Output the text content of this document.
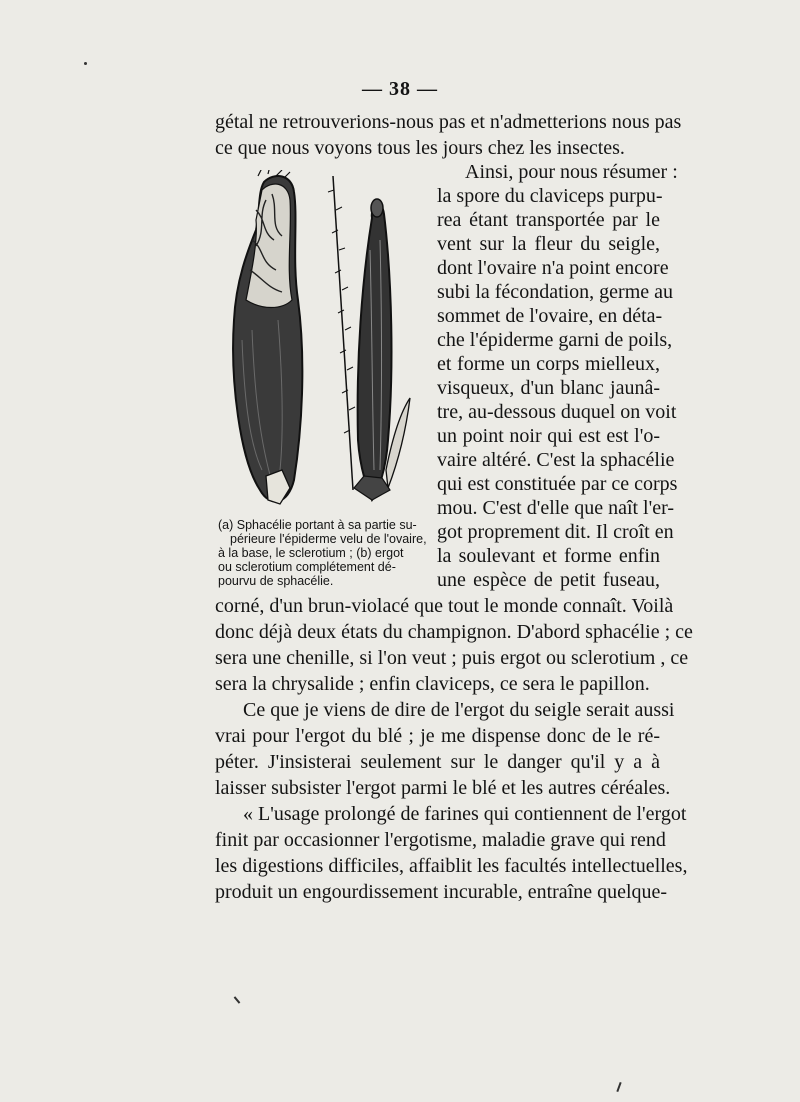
— 38 —
gétal ne retrouverions-nous pas et n'admetterions nous pas
ce que nous voyons tous les jours chez les insectes.
Ainsi, pour nous résumer :
la spore du claviceps purpu-
rea étant transportée par le
vent sur la fleur du seigle,
dont l'ovaire n'a point encore
subi la fécondation, germe au
sommet de l'ovaire, en déta-
che l'épiderme garni de poils,
et forme un corps mielleux,
visqueux, d'un blanc jaunâ-
tre, au-dessous duquel on voit
un point noir qui est est l'o-
vaire altéré. C'est la sphacélie
qui est constituée par ce corps
mou. C'est d'elle que naît l'er-
got proprement dit. Il croît en
la soulevant et forme enfin
une espèce de petit fuseau,
(a) Sphacélie portant à sa partie su-
périeure l'épiderme velu de l'ovaire,
à la base, le sclerotium ; (b) ergot
ou sclerotium complétement dé-
pourvu de sphacélie.
corné, d'un brun-violacé que tout le monde connaît. Voilà
donc déjà deux états du champignon. D'abord sphacélie ; ce
sera une chenille, si l'on veut ; puis ergot ou sclerotium , ce
sera la chrysalide ; enfin claviceps, ce sera le papillon.
Ce que je viens de dire de l'ergot du seigle serait aussi
vrai pour l'ergot du blé ; je me dispense donc de le ré-
péter. J'insisterai seulement sur le danger qu'il y a à
laisser subsister l'ergot parmi le blé et les autres céréales.
« L'usage prolongé de farines qui contiennent de l'ergot
finit par occasionner l'ergotisme, maladie grave qui rend
les digestions difficiles, affaiblit les facultés intellectuelles,
produit un engourdissement incurable, entraîne quelque-
